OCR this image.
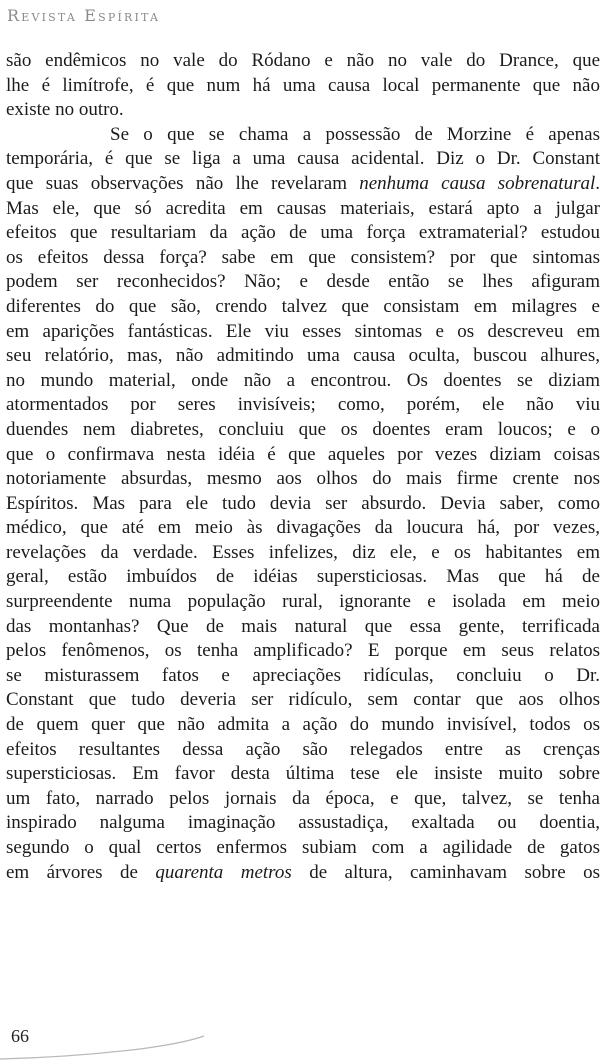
Revista Espírita

são endêmicos no vale do Ródano e não no vale do Drance, que
lhe é limítrofe, é que num há uma causa local permanente que não
existe no outro.

Se o que se chama a possessão de Morzine é apenas
temporária, é que se liga a uma causa acidental. Diz o Dr. Constant
que suas observações não lhe revelaram nenhuma causa sobrenatural.
Mas ele, que só acredita em causas materiais, estará apto a julgar
efeitos que resultariam da ação de uma força extramaterial? estudou
os efeitos dessa força? sabe em que consistem? por que sintomas
podem ser reconhecidos? Não; e desde então se lhes afiguram
diferentes do que são, crendo talvez que consistam em milagres e
em aparições fantásticas. Ele viu esses sintomas e os descreveu em
seu relatório, mas, não admitindo uma causa oculta, buscou alhures,
no mundo material, onde não a encontrou. Os doentes se diziam
atormentados por seres invisíveis; como, porém, ele não viu
duendes nem diabretes, concluiu que os doentes eram loucos; e o
que o confirmava nesta idéia é que aqueles por vezes diziam coisas
notoriamente absurdas, mesmo aos olhos do mais firme crente nos
Espíritos. Mas para ele tudo devia ser absurdo. Devia saber, como
médico, que até em meio às divagações da loucura há, por vezes,
revelações da verdade. Esses infelizes, diz ele, e os habitantes em
geral, estão imbuídos de idéias supersticiosas. Mas que há de
surpreendente numa população rural, ignorante e isolada em meio
das montanhas? Que de mais natural que essa gente, terrificada
pelos fenômenos, os tenha amplificado? E porque em seus relatos
se misturassem fatos e apreciações ridículas, concluiu o Dr.
Constant que tudo deveria ser ridículo, sem contar que aos olhos
de quem quer que não admita a ação do mundo invisível, todos os
efeitos resultantes dessa ação são relegados entre as crenças
supersticiosas. Em favor desta última tese ele insiste muito sobre
um fato, narrado pelos jornais da época, e que, talvez, se tenha
inspirado nalguma imaginação assustadiça, exaltada ou doentia,
segundo o qual certos enfermos subiam com a agilidade de gatos
em árvores de quarenta metros de altura, caminhavam sobre os

66
